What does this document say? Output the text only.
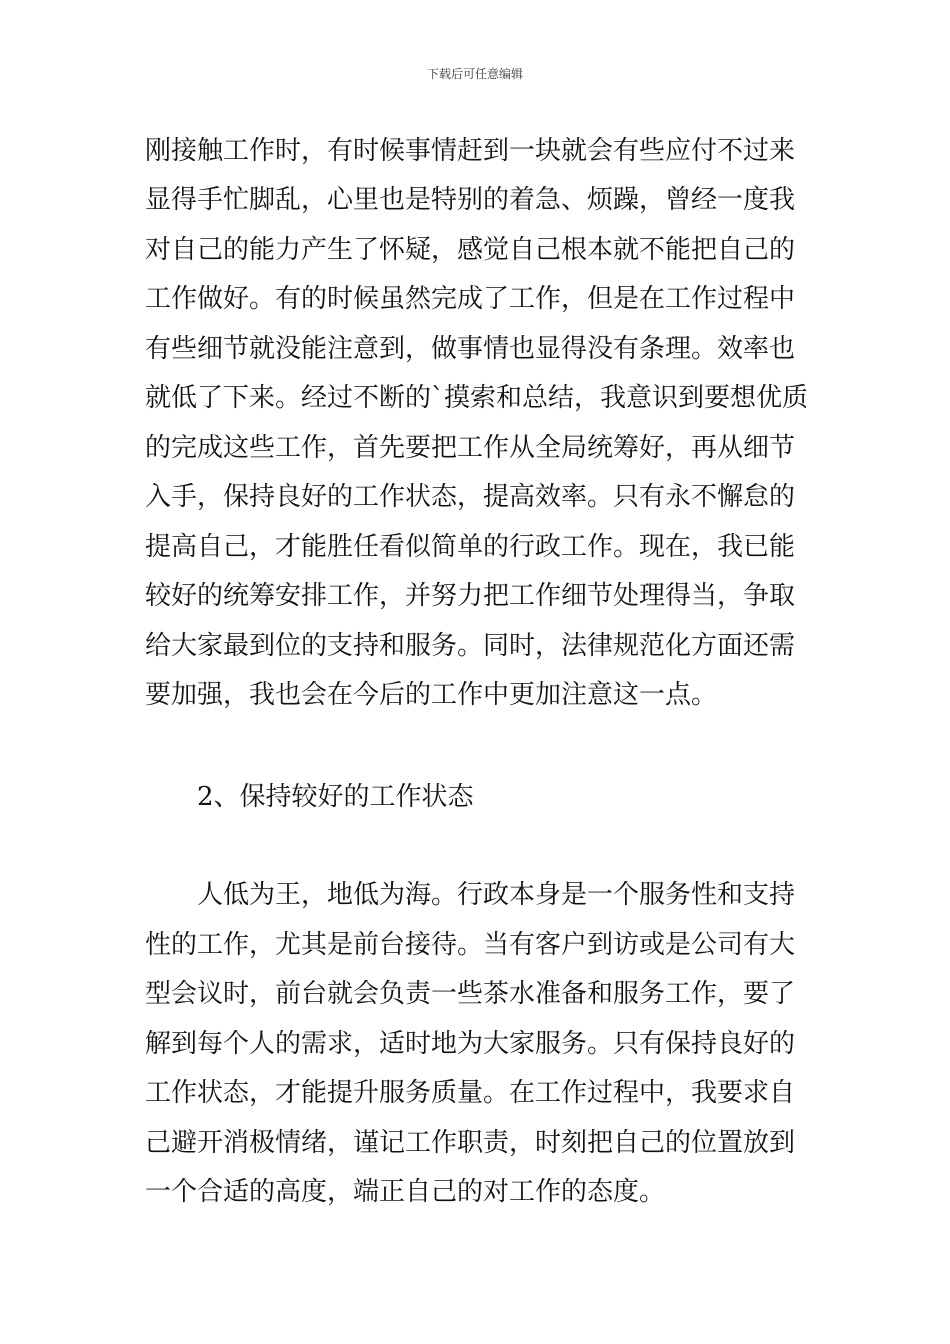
下载后可任意编辑
刚接触工作时，有时候事情赶到一块就会有些应付不过来
显得手忙脚乱，心里也是特别的着急、烦躁，曾经一度我
对自己的能力产生了怀疑，感觉自己根本就不能把自己的
工作做好。有的时候虽然完成了工作，但是在工作过程中
有些细节就没能注意到，做事情也显得没有条理。效率也
就低了下来。经过不断的`摸索和总结，我意识到要想优质
的完成这些工作，首先要把工作从全局统筹好，再从细节
入手，保持良好的工作状态，提高效率。只有永不懈怠的
提高自己，才能胜任看似简单的行政工作。现在，我已能
较好的统筹安排工作，并努力把工作细节处理得当，争取
给大家最到位的支持和服务。同时，法律规范化方面还需
要加强，我也会在今后的工作中更加注意这一点。
2、保持较好的工作状态
人低为王，地低为海。行政本身是一个服务性和支持
性的工作，尤其是前台接待。当有客户到访或是公司有大
型会议时，前台就会负责一些茶水准备和服务工作，要了
解到每个人的需求，适时地为大家服务。只有保持良好的
工作状态，才能提升服务质量。在工作过程中，我要求自
己避开消极情绪，谨记工作职责，时刻把自己的位置放到
一个合适的高度，端正自己的对工作的态度。
